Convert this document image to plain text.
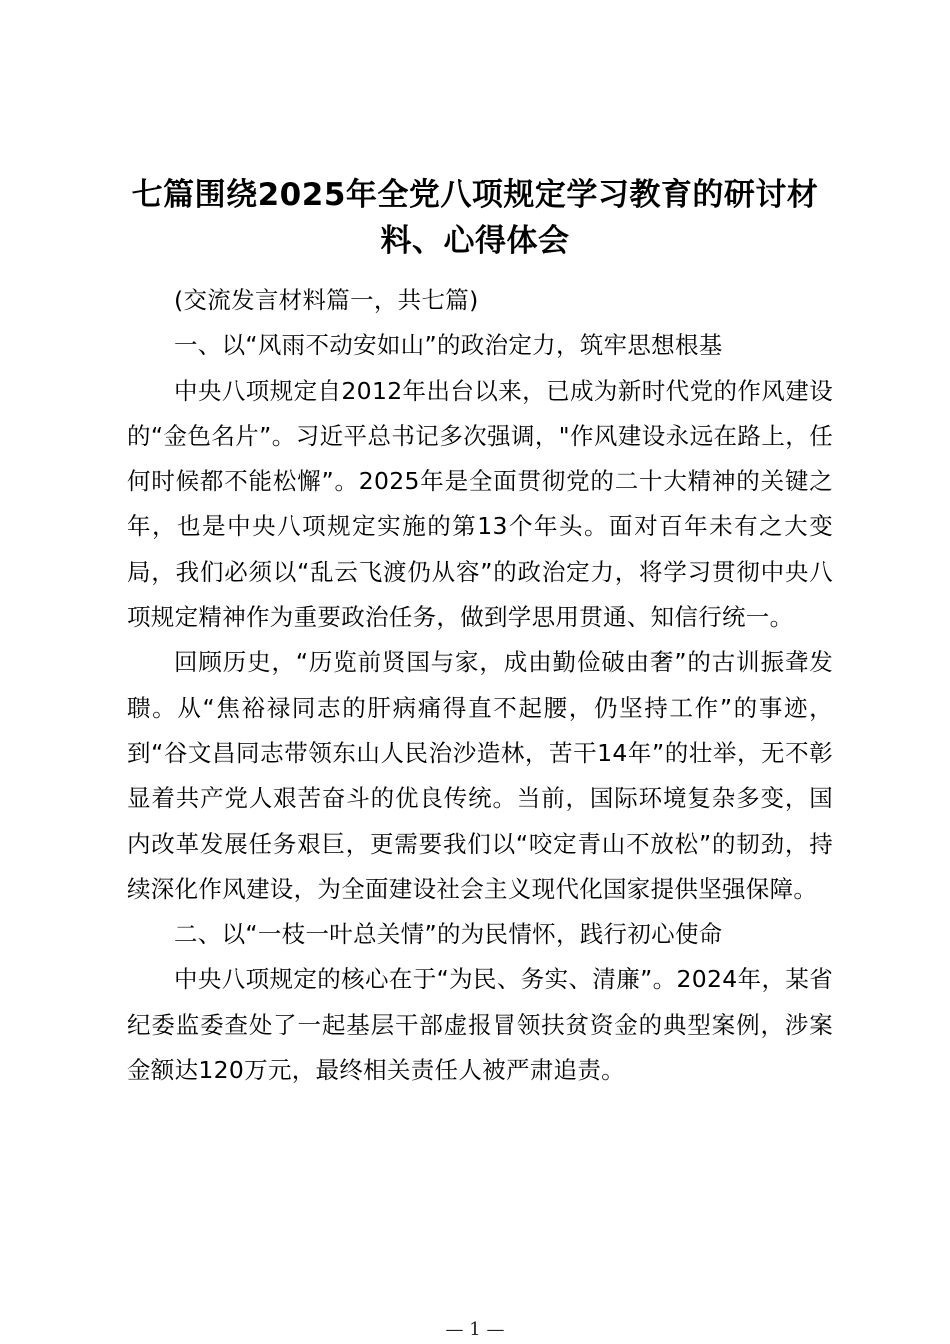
七篇围绕2025年全党八项规定学习教育的研讨材料、心得体会

(交流发言材料篇一，共七篇)

一、以“风雨不动安如山”的政治定力，筑牢思想根基

中央八项规定自2012年出台以来，已成为新时代党的作风建设的“金色名片”。习近平总书记多次强调，"作风建设永远在路上，任何时候都不能松懈”。2025年是全面贯彻党的二十大精神的关键之年，也是中央八项规定实施的第13个年头。面对百年未有之大变局，我们必须以“乱云飞渡仍从容”的政治定力，将学习贯彻中央八项规定精神作为重要政治任务，做到学思用贯通、知信行统一。

回顾历史，“历览前贤国与家，成由勤俭破由奢”的古训振聋发聩。从“焦裕禄同志的肝病痛得直不起腰，仍坚持工作”的事迹，到“谷文昌同志带领东山人民治沙造林，苦干14年”的壮举，无不彰显着共产党人艰苦奋斗的优良传统。当前，国际环境复杂多变，国内改革发展任务艰巨，更需要我们以“咬定青山不放松”的韧劲，持续深化作风建设，为全面建设社会主义现代化国家提供坚强保障。

二、以“一枝一叶总关情”的为民情怀，践行初心使命

中央八项规定的核心在于“为民、务实、清廉”。2024年，某省纪委监委查处了一起基层干部虚报冒领扶贫资金的典型案例，涉案金额达120万元，最终相关责任人被严肃追责。

— 1 —
